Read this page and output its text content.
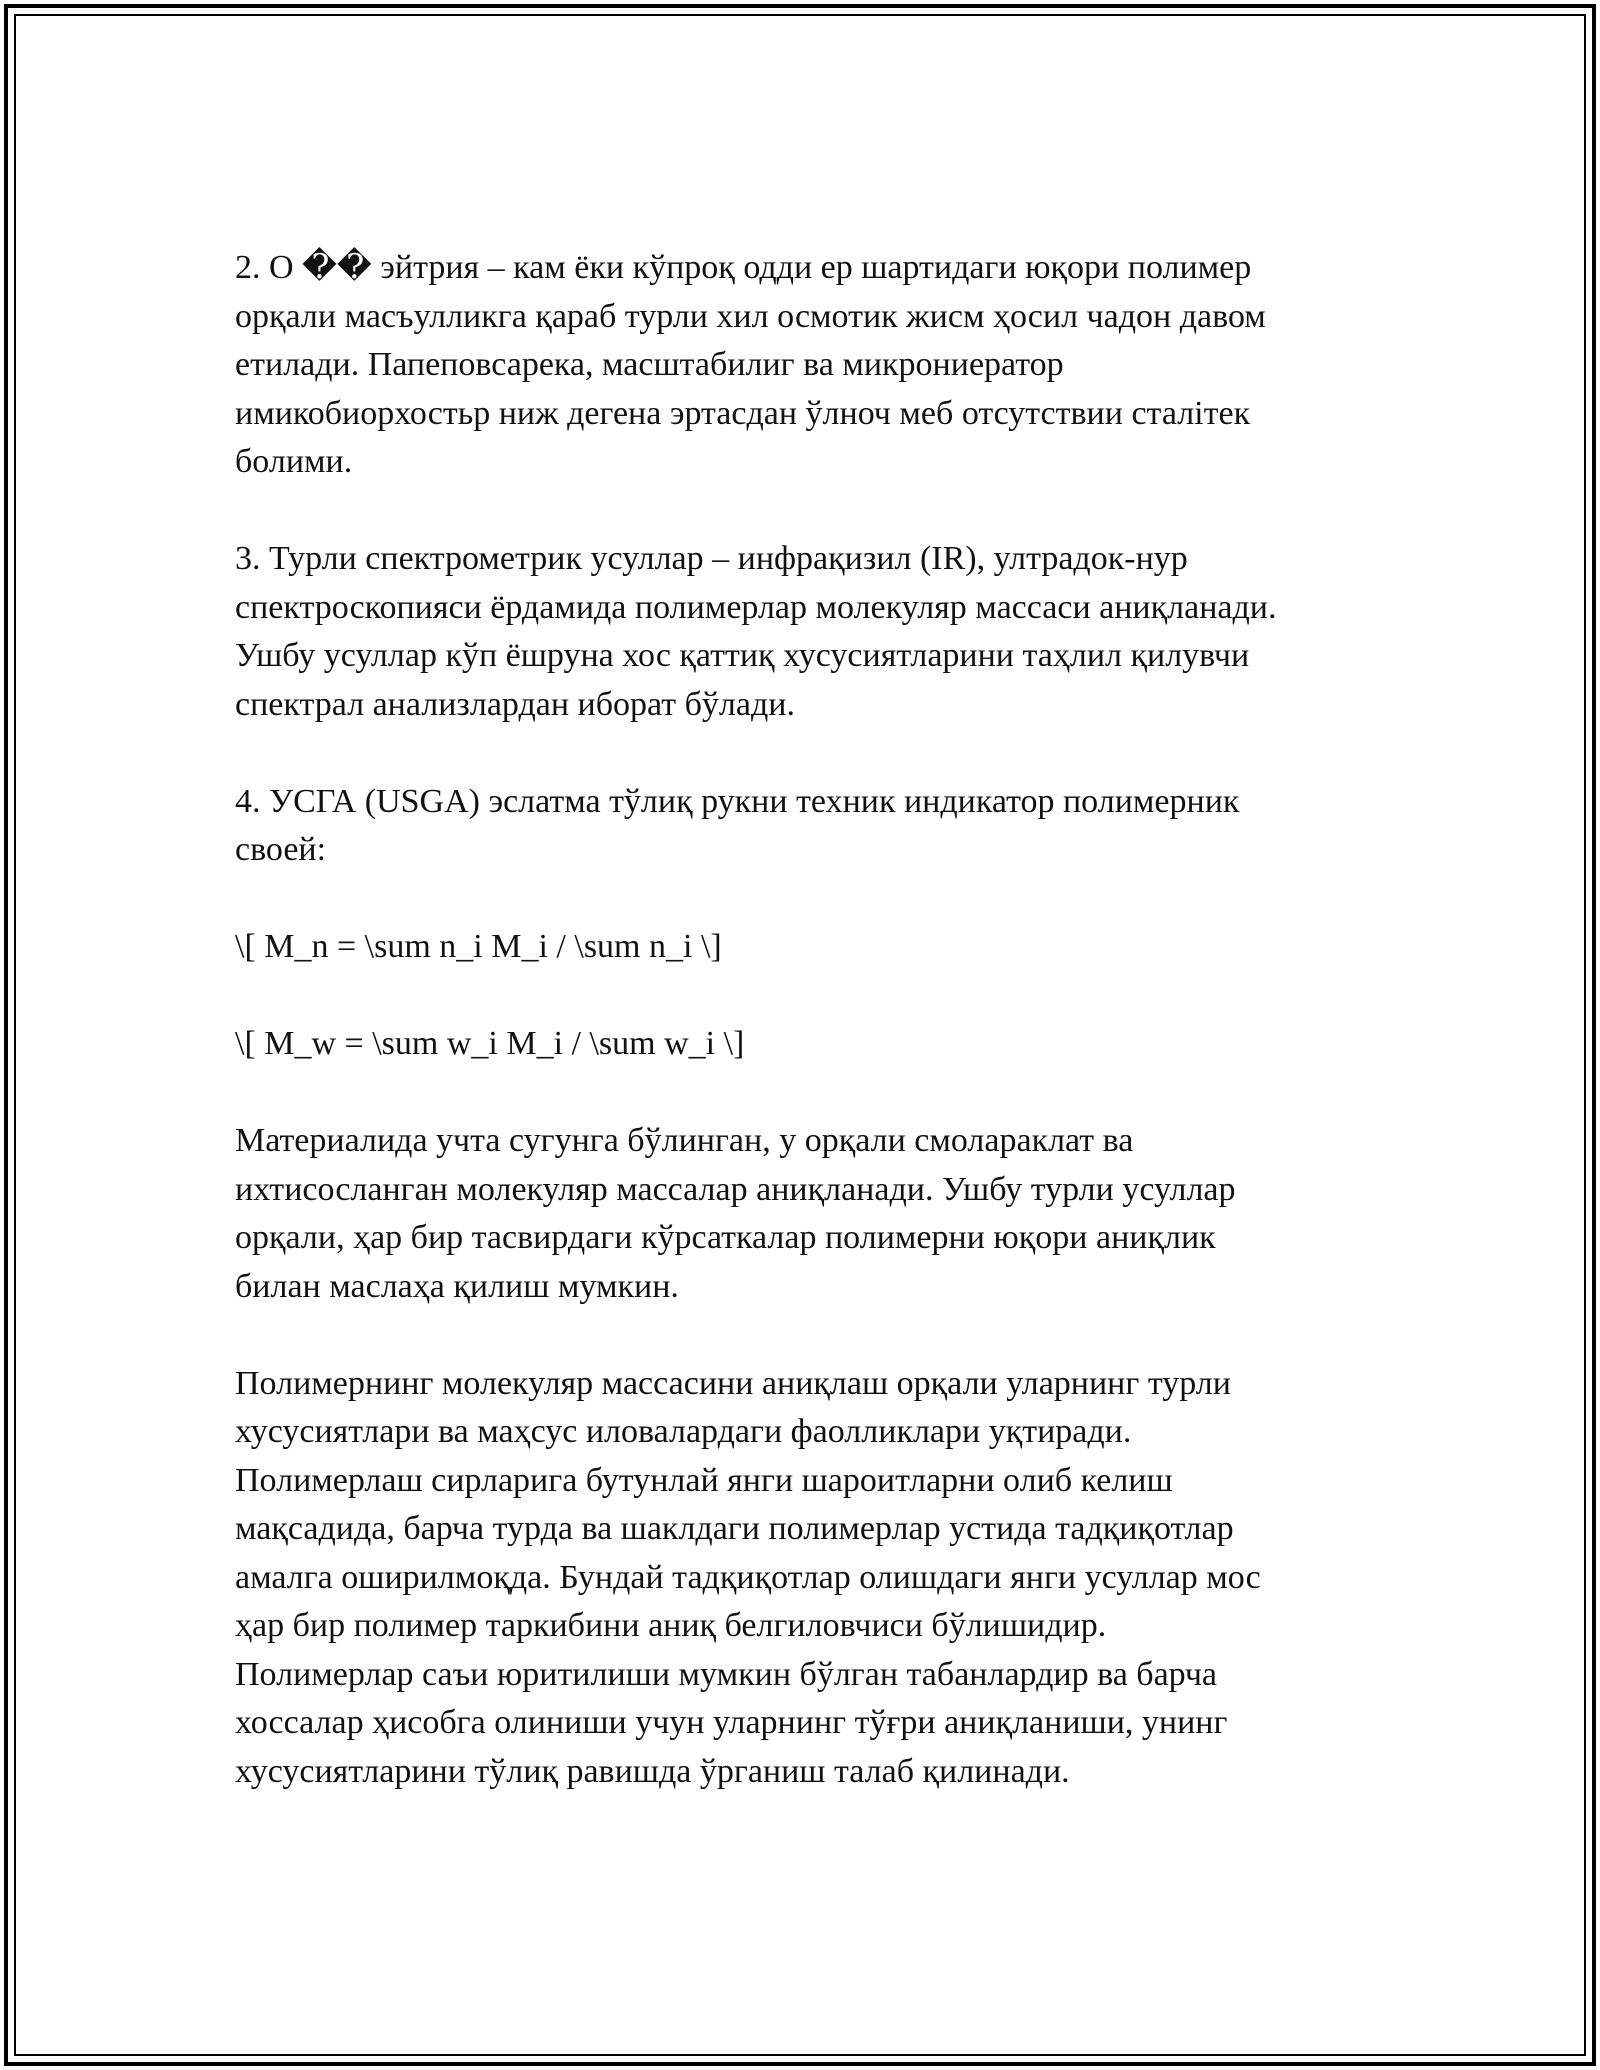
2. О �� эйтрия – кам ёки кўпроқ одди ер шартидаги юқори полимер
орқали масъулликга қараб турли хил осмотик жисм ҳосил чадон давом
етилади. Папеповсарека, масштабилиг ва микрониератор
имикобиорхостьр ниж дегена эртасдан ўлноч меб отсутствии сталітек
болими.

3. Турли спектрометрик усуллар – инфрақизил (IR), ултрадок-нур
спектроскопияси ёрдамида полимерлар молекуляр массаси аниқланади.
Ушбу усуллар кўп ёшруна хос қаттиқ хусусиятларини таҳлил қилувчи
спектрал анализлардан иборат бўлади.

4. УСГА (USGA) эслатма тўлиқ рукни техник индикатор полимерник
своей:

\[ M_n = \sum n_i M_i / \sum n_i \]

\[ M_w = \sum w_i M_i / \sum w_i \]

Материалида учта сугунга бўлинган, у орқали смолараклат ва
ихтисосланган молекуляр массалар аниқланади. Ушбу турли усуллар
орқали, ҳар бир тасвирдаги кўрсаткалар полимерни юқори аниқлик
билан маслаҳа қилиш мумкин.

Полимернинг молекуляр массасини аниқлаш орқали уларнинг турли
хусусиятлари ва маҳсус иловалардаги фаолликлари уқтиради.
Полимерлаш сирларига бутунлай янги шароитларни олиб келиш
мақсадида, барча турда ва шаклдаги полимерлар устида тадқиқотлар
амалга оширилмоқда. Бундай тадқиқотлар олишдаги янги усуллар мос
ҳар бир полимер таркибини аниқ белгиловчиси бўлишидир.
Полимерлар саъи юритилиши мумкин бўлган табанлардир ва барча
хоссалар ҳисобга олиниши учун уларнинг тўғри аниқланиши, унинг
хусусиятларини тўлиқ равишда ўрганиш талаб қилинади.
